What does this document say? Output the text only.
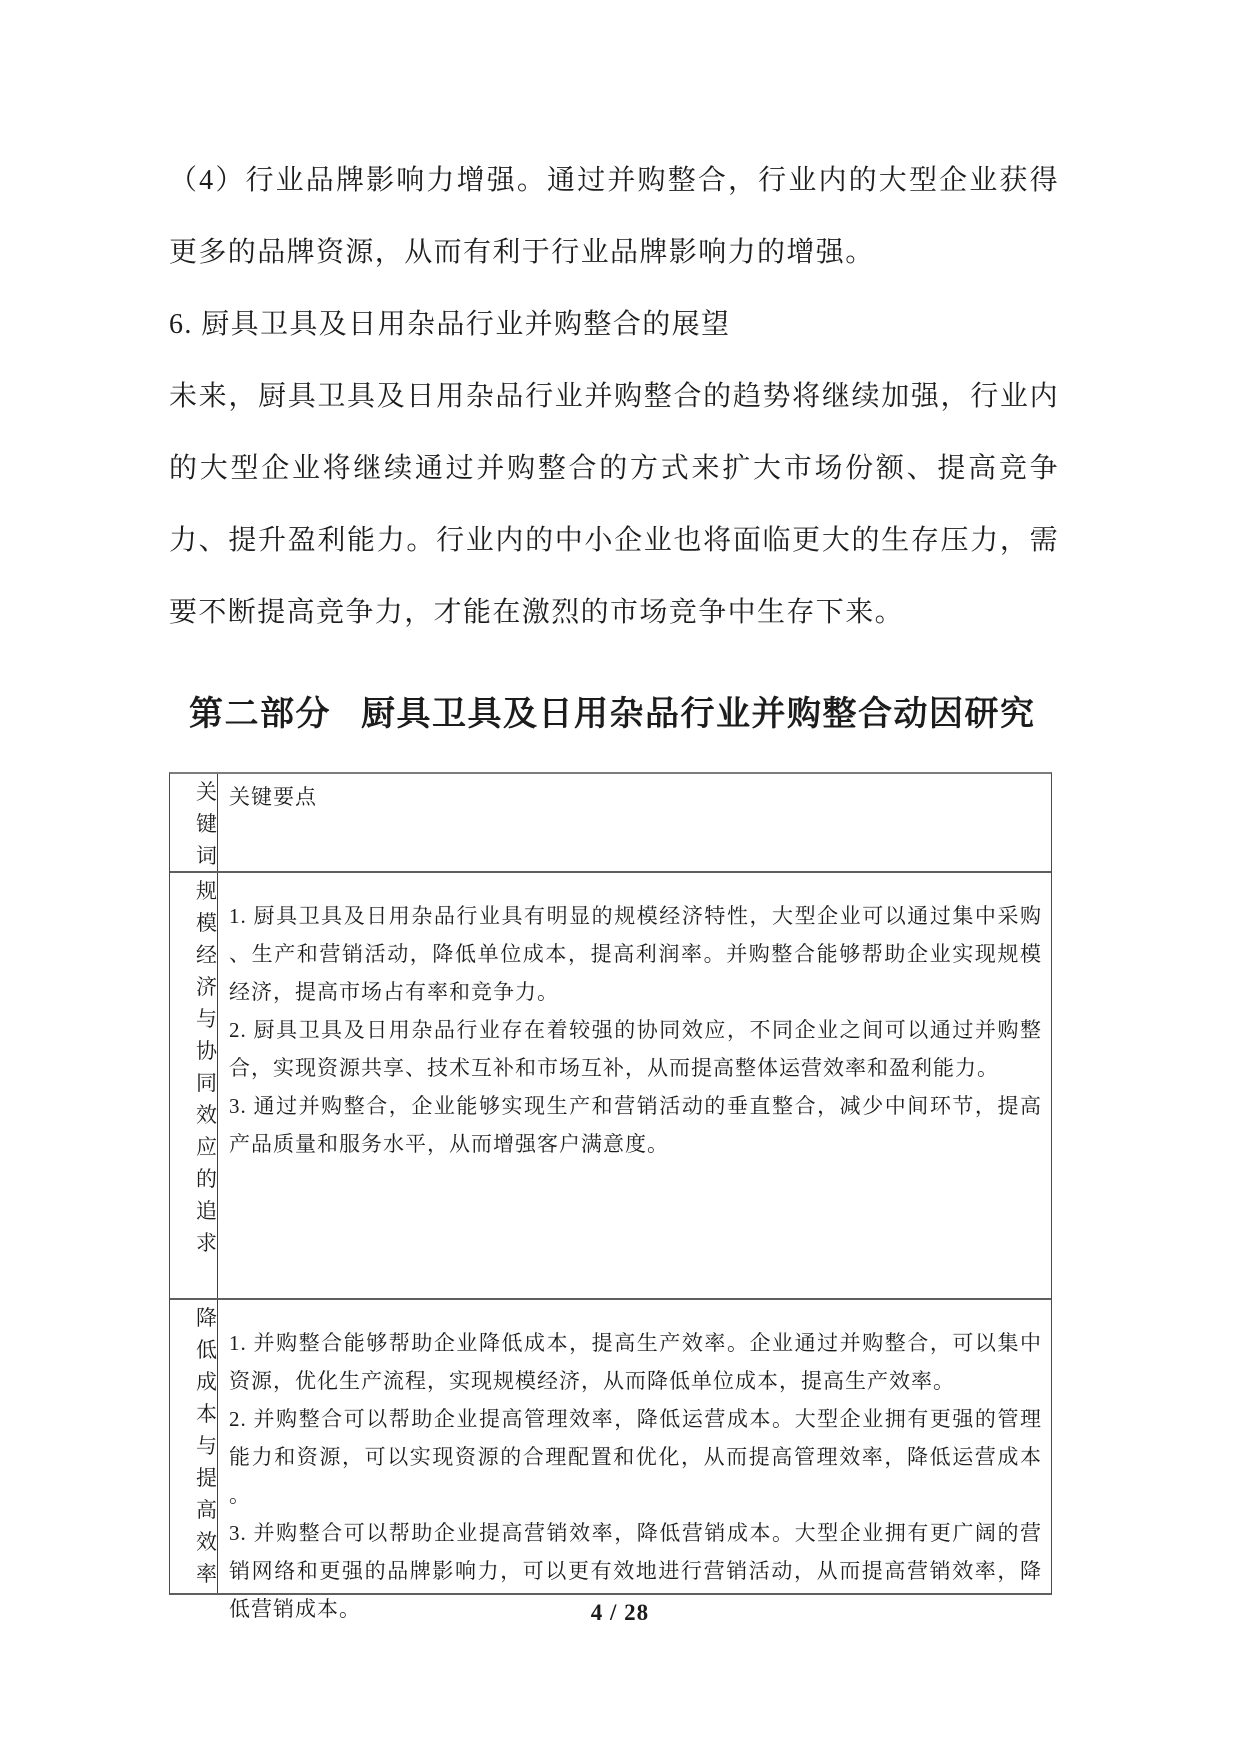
（4）行业品牌影响力增强。通过并购整合，行业内的大型企业获得更多的品牌资源，从而有利于行业品牌影响力的增强。
6. 厨具卫具及日用杂品行业并购整合的展望
未来，厨具卫具及日用杂品行业并购整合的趋势将继续加强，行业内的大型企业将继续通过并购整合的方式来扩大市场份额、提高竞争力、提升盈利能力。行业内的中小企业也将面临更大的生存压力，需要不断提高竞争力，才能在激烈的市场竞争中生存下来。
第二部分 厨具卫具及日用杂品行业并购整合动因研究
关键词
关键要点
规模经济与协同效应的追求
1. 厨具卫具及日用杂品行业具有明显的规模经济特性，大型企业可以通过集中采购、生产和营销活动，降低单位成本，提高利润率。并购整合能够帮助企业实现规模经济，提高市场占有率和竞争力。
2. 厨具卫具及日用杂品行业存在着较强的协同效应，不同企业之间可以通过并购整合，实现资源共享、技术互补和市场互补，从而提高整体运营效率和盈利能力。
3. 通过并购整合，企业能够实现生产和营销活动的垂直整合，减少中间环节，提高产品质量和服务水平，从而增强客户满意度。
降低成本与提高效率
1. 并购整合能够帮助企业降低成本，提高生产效率。企业通过并购整合，可以集中资源，优化生产流程，实现规模经济，从而降低单位成本，提高生产效率。
2. 并购整合可以帮助企业提高管理效率，降低运营成本。大型企业拥有更强的管理能力和资源，可以实现资源的合理配置和优化，从而提高管理效率，降低运营成本。
3. 并购整合可以帮助企业提高营销效率，降低营销成本。大型企业拥有更广阔的营销网络和更强的品牌影响力，可以更有效地进行营销活动，从而提高营销效率，降低营销成本。	4 / 28
